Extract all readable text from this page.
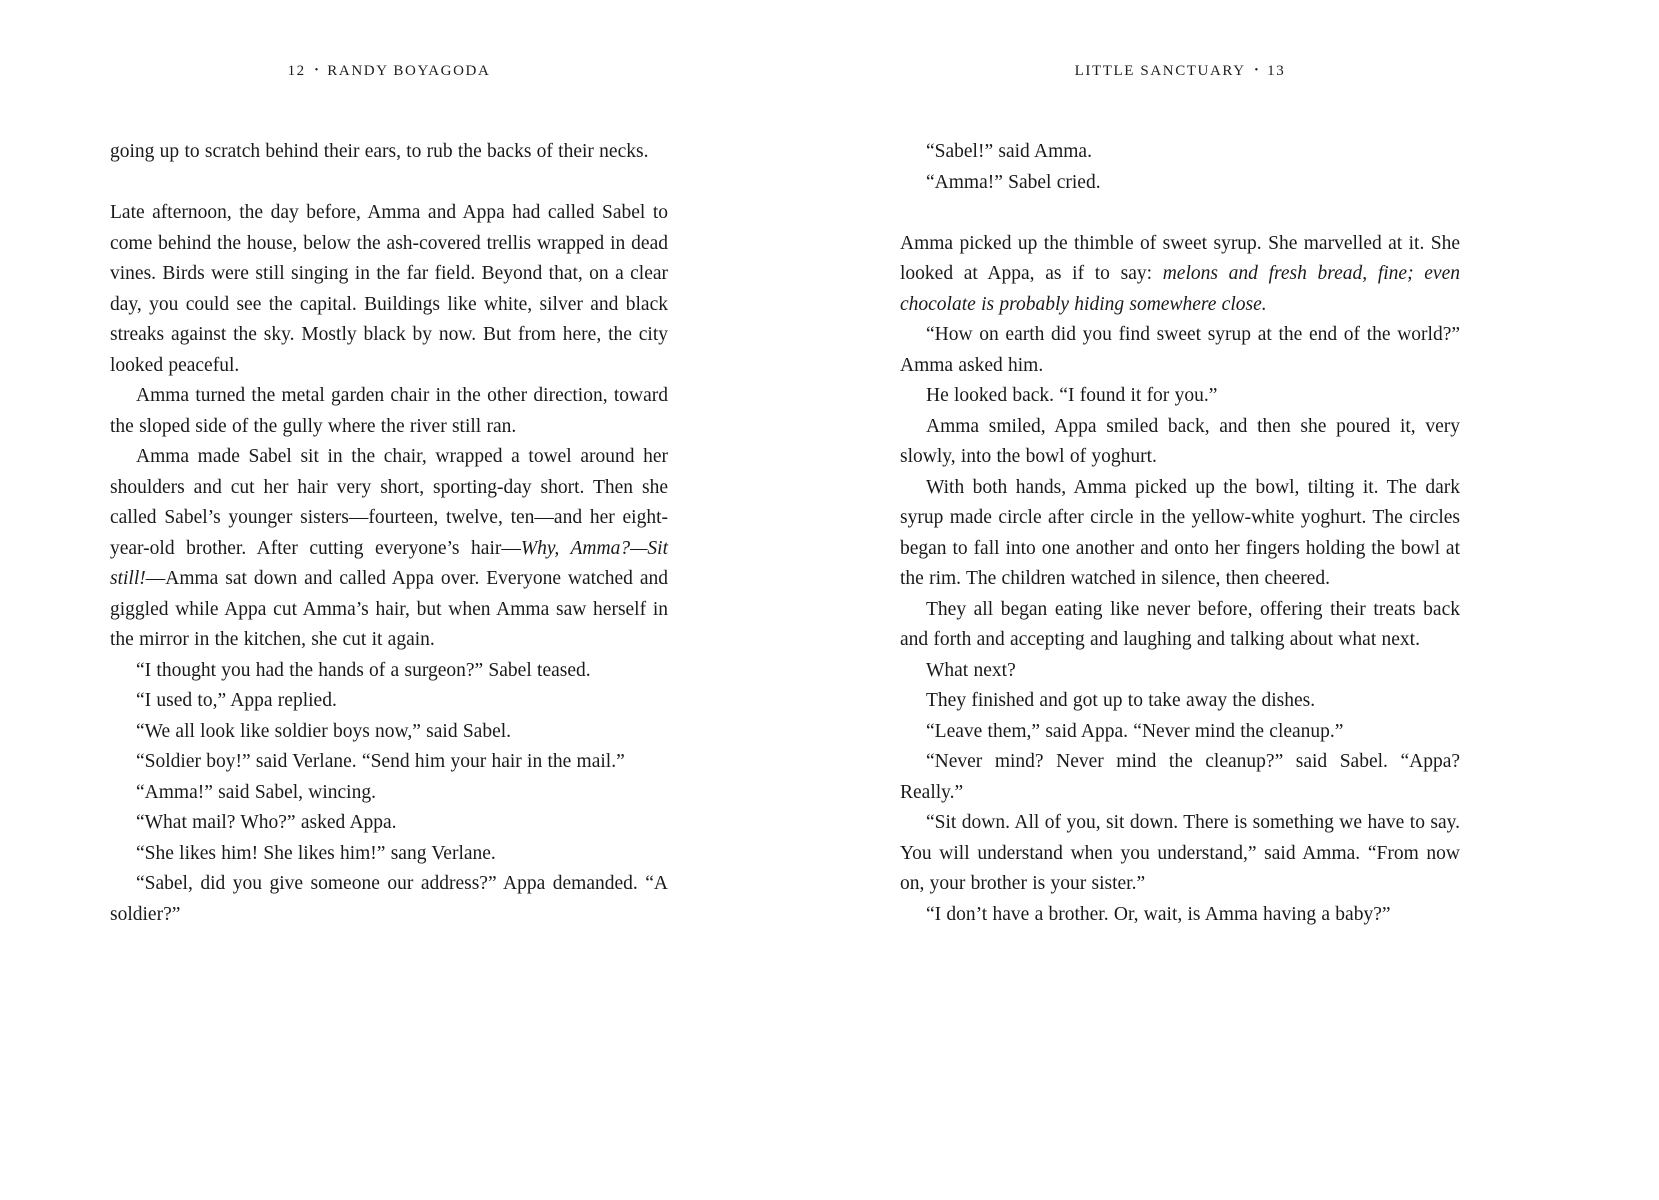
12 • RANDY BOYAGODA	LITTLE SANCTUARY • 13

going up to scratch behind their ears, to rub the backs of their necks.

Late afternoon, the day before, Amma and Appa had called Sabel to come behind the house, below the ash-covered trellis wrapped in dead vines. Birds were still singing in the far field. Beyond that, on a clear day, you could see the capital. Buildings like white, silver and black streaks against the sky. Mostly black by now. But from here, the city looked peaceful.

Amma turned the metal garden chair in the other direction, toward the sloped side of the gully where the river still ran.

Amma made Sabel sit in the chair, wrapped a towel around her shoulders and cut her hair very short, sporting-day short. Then she called Sabel’s younger sisters—fourteen, twelve, ten—and her eight-year-old brother. After cutting everyone’s hair—Why, Amma?—Sit still!—Amma sat down and called Appa over. Everyone watched and giggled while Appa cut Amma’s hair, but when Amma saw herself in the mirror in the kitchen, she cut it again.

“I thought you had the hands of a surgeon?” Sabel teased.

“I used to,” Appa replied.

“We all look like soldier boys now,” said Sabel.

“Soldier boy!” said Verlane. “Send him your hair in the mail.”

“Amma!” said Sabel, wincing.

“What mail? Who?” asked Appa.

“She likes him! She likes him!” sang Verlane.

“Sabel, did you give someone our address?” Appa demanded. “A soldier?”

“Sabel!” said Amma.

“Amma!” Sabel cried.

Amma picked up the thimble of sweet syrup. She marvelled at it. She looked at Appa, as if to say: melons and fresh bread, fine; even chocolate is probably hiding somewhere close.

“How on earth did you find sweet syrup at the end of the world?” Amma asked him.

He looked back. “I found it for you.”

Amma smiled, Appa smiled back, and then she poured it, very slowly, into the bowl of yoghurt.

With both hands, Amma picked up the bowl, tilting it. The dark syrup made circle after circle in the yellow-white yoghurt. The circles began to fall into one another and onto her fingers holding the bowl at the rim. The children watched in silence, then cheered.

They all began eating like never before, offering their treats back and forth and accepting and laughing and talking about what next.

What next?

They finished and got up to take away the dishes.

“Leave them,” said Appa. “Never mind the cleanup.”

“Never mind? Never mind the cleanup?” said Sabel. “Appa? Really.”

“Sit down. All of you, sit down. There is something we have to say. You will understand when you understand,” said Amma. “From now on, your brother is your sister.”

“I don’t have a brother. Or, wait, is Amma having a baby?”
